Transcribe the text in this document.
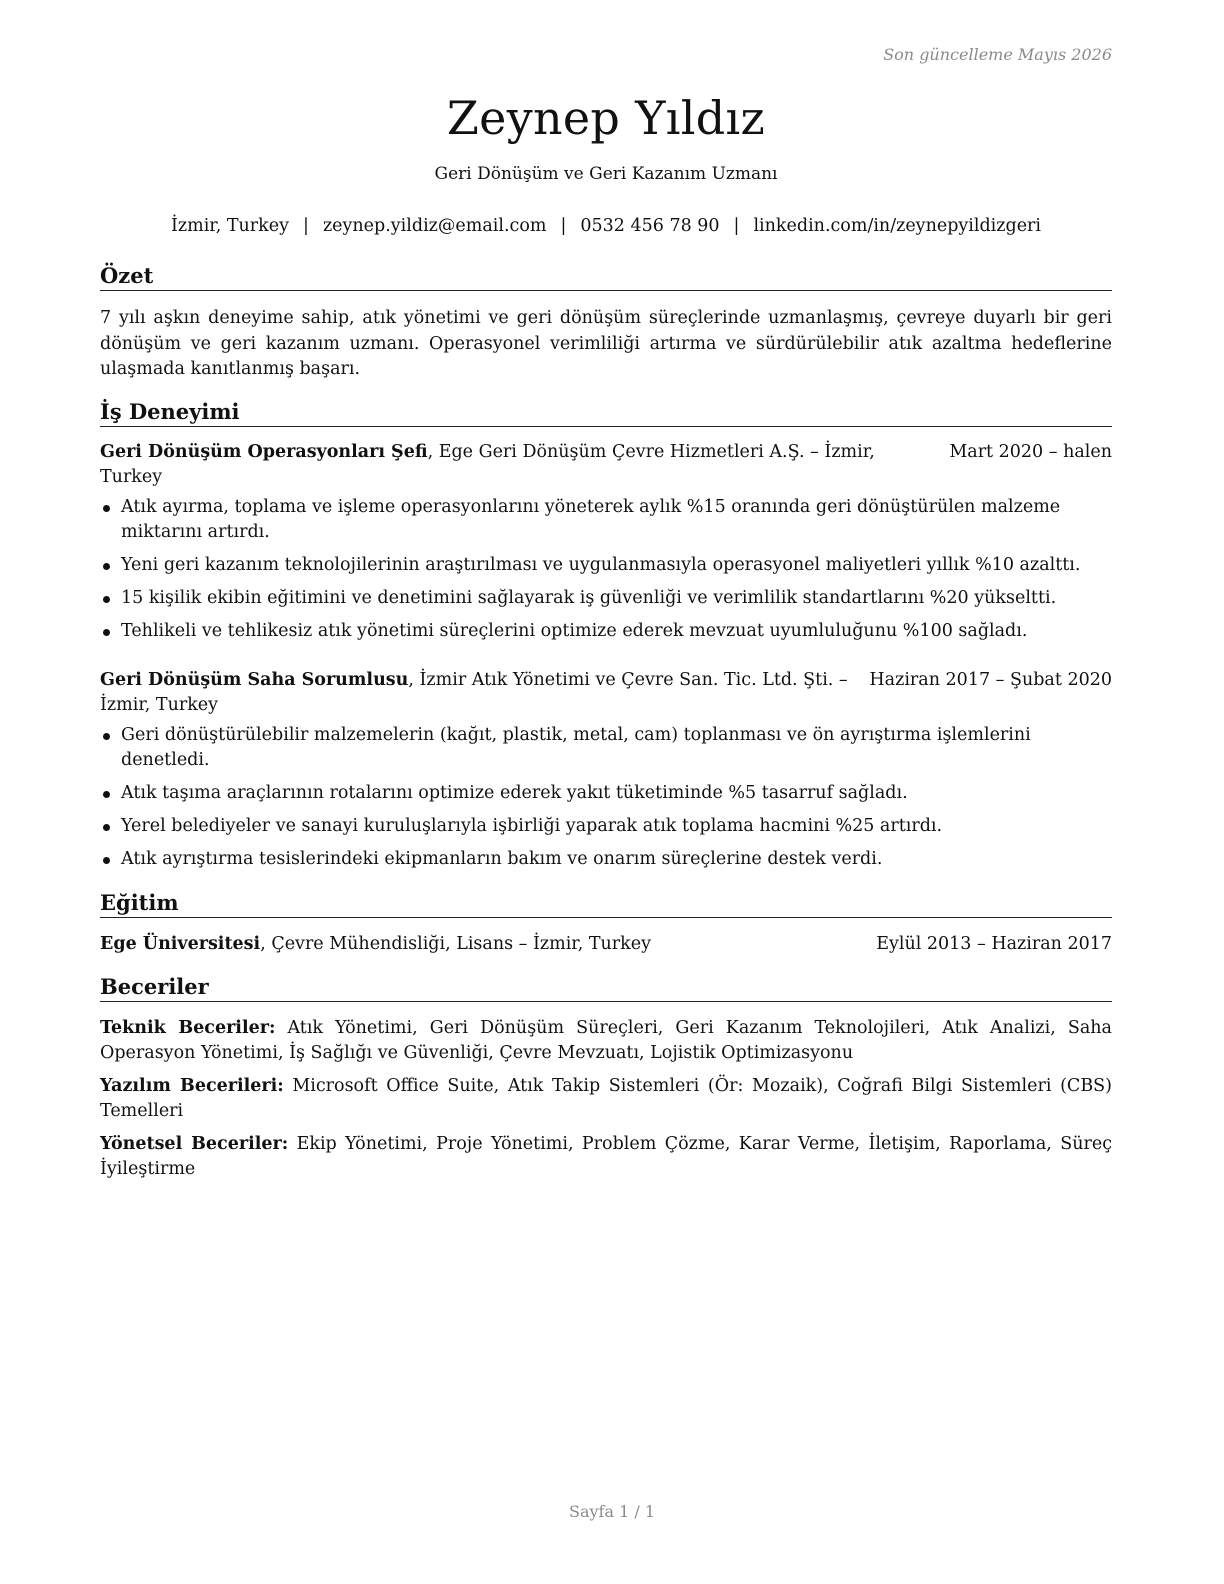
Son güncelleme Mayıs 2026
Zeynep Yıldız
Geri Dönüşüm ve Geri Kazanım Uzmanı
İzmir, Turkey | zeynep.yildiz@email.com | 0532 456 78 90 | linkedin.com/in/zeynepyildizgeri
Özet
7 yılı aşkın deneyime sahip, atık yönetimi ve geri dönüşüm süreçlerinde uzmanlaşmış, çevreye duyarlı bir geri dönüşüm ve geri kazanım uzmanı. Operasyonel verimliliği artırma ve sürdürülebilir atık azaltma hedeflerine ulaşmada kanıtlanmış başarı.
İş Deneyimi
Geri Dönüşüm Operasyonları Şefi, Ege Geri Dönüşüm Çevre Hizmetleri A.Ş. – İzmir, Turkey
Mart 2020 – halen
Atık ayırma, toplama ve işleme operasyonlarını yöneterek aylık %15 oranında geri dönüştürülen malzeme miktarını artırdı.
Yeni geri kazanım teknolojilerinin araştırılması ve uygulanmasıyla operasyonel maliyetleri yıllık %10 azalttı.
15 kişilik ekibin eğitimini ve denetimini sağlayarak iş güvenliği ve verimlilik standartlarını %20 yükseltti.
Tehlikeli ve tehlikesiz atık yönetimi süreçlerini optimize ederek mevzuat uyumluluğunu %100 sağladı.
Geri Dönüşüm Saha Sorumlusu, İzmir Atık Yönetimi ve Çevre San. Tic. Ltd. Şti. – İzmir, Turkey
Haziran 2017 – Şubat 2020
Geri dönüştürülebilir malzemelerin (kağıt, plastik, metal, cam) toplanması ve ön ayrıştırma işlemlerini denetledi.
Atık taşıma araçlarının rotalarını optimize ederek yakıt tüketiminde %5 tasarruf sağladı.
Yerel belediyeler ve sanayi kuruluşlarıyla işbirliği yaparak atık toplama hacmini %25 artırdı.
Atık ayrıştırma tesislerindeki ekipmanların bakım ve onarım süreçlerine destek verdi.
Eğitim
Ege Üniversitesi, Çevre Mühendisliği, Lisans – İzmir, Turkey	Eylül 2013 – Haziran 2017
Beceriler
Teknik Beceriler: Atık Yönetimi, Geri Dönüşüm Süreçleri, Geri Kazanım Teknolojileri, Atık Analizi, Saha Operasyon Yönetimi, İş Sağlığı ve Güvenliği, Çevre Mevzuatı, Lojistik Optimizasyonu
Yazılım Becerileri: Microsoft Office Suite, Atık Takip Sistemleri (Ör: Mozaik), Coğrafi Bilgi Sistemleri (CBS) Temelleri
Yönetsel Beceriler: Ekip Yönetimi, Proje Yönetimi, Problem Çözme, Karar Verme, İletişim, Raporlama, Süreç İyileştirme
Sayfa 1 / 1
